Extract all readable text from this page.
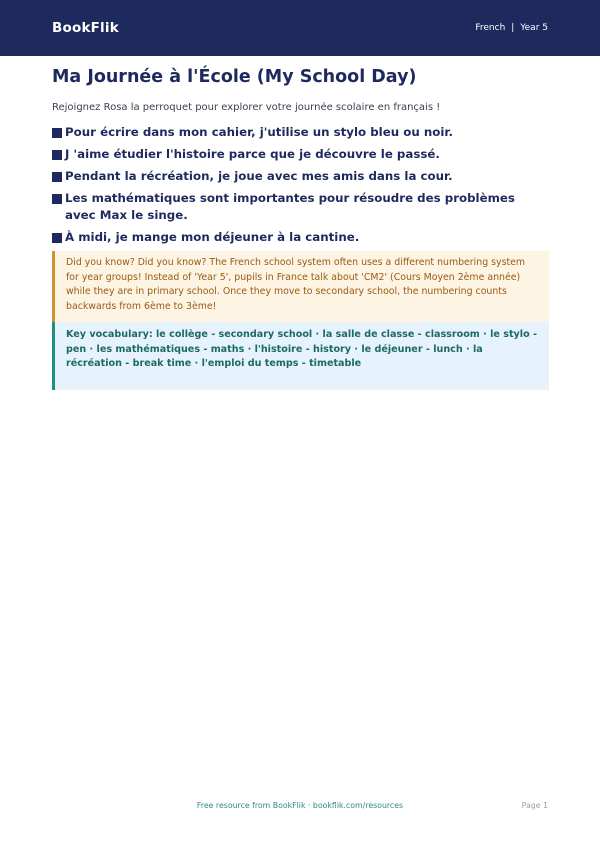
BookFlik	French | Year 5
Ma Journée à l'École (My School Day)

Rejoignez Rosa la perroquet pour explorer votre journée scolaire en français !

Pour écrire dans mon cahier, j'utilise un stylo bleu ou noir.
J 'aime étudier l'histoire parce que je découvre le passé.
Pendant la récréation, je joue avec mes amis dans la cour.
Les mathématiques sont importantes pour résoudre des problèmes avec Max le singe.
À midi, je mange mon déjeuner à la cantine.
Did you know? Did you know? The French school system often uses a different numbering system for year groups! Instead of 'Year 5', pupils in France talk about 'CM2' (Cours Moyen 2ème année) while they are in primary school. Once they move to secondary school, the numbering counts backwards from 6ème to 3ème!
Key vocabulary: le collège - secondary school · la salle de classe - classroom · le stylo - pen · les mathématiques - maths · l'histoire - history · le déjeuner - lunch · la récréation - break time · l'emploi du temps - timetable
Free resource from BookFlik · bookflik.com/resources	Page 1
